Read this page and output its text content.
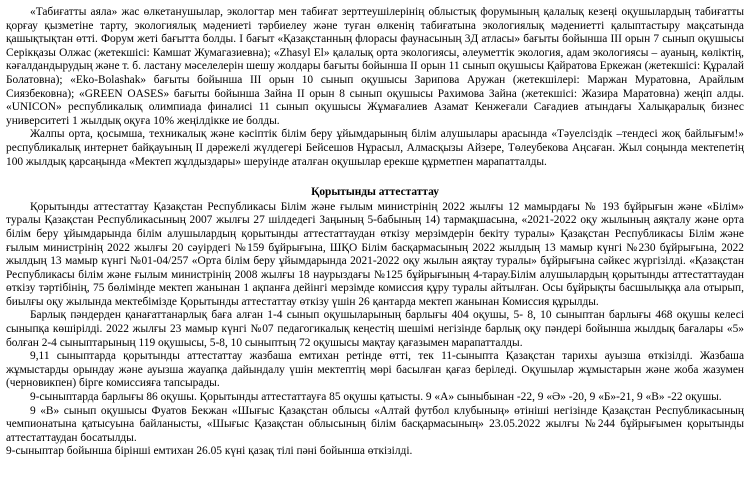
«Табиғатты аяла» жас өлкетанушылар, экологтар мен табиғат зерттеушілерінің облыстық форумының қалалық кезеңі оқушылардың табиғатты қорғау қызметіне тарту, экологиялық мәдениеті тәрбиелеу және туған өлкенің табиғатына экологиялық мәдениетті қалыптастыру мақсатында қашықтықтан өтті. Форум жеті бағытта болды. I бағыт «Қазақстанның флорасы фаунасының 3Д атласы» бағыты бойынша III орын 7 сынып оқушысы Серікқазы Олжас (жетекшісі: Камшат Жумагазиевна); «Zhasyl El» қалалық орта экологиясы, әлеуметтік экология, адам экологиясы – ауаның, көліктің, кәғалдандырудың және т. б. ластану мәселелерін шешу жолдары бағыты бойынша II орын 11 сынып оқушысы Қайратова Еркежан (жетекшісі: Құралай Болатовна); «Eko-Bolashak» бағыты бойынша III орын 10 сынып оқушысы Зарипова Аружан (жетекшілері: Маржан Муратовна, Арайлым Сиязбековна); «GREEN OASES» бағыты бойынша Зайна II орын 8 сынып оқушысы Рахимова Зайна (жетекшісі: Жазира Маратовна) жеңіп алды. «UNICON» республикалық олимпиада финалисі 11 сынып оқушысы Жұмағалиев Азамат Кенжеғали Сағадиев атындағы Халықаралық бизнес университеті 1 жылдық оқуға 10% жеңілдікке ие болды.

Жалпы орта, қосымша, техникалық және кәсіптік білім беру ұйымдарының білім алушылары арасында «Тәуелсіздік –тендесі жоқ байлығым!» республикалық интернет байқауының II дәрежелі жүлдегері Бейсешов Нұрасыл, Алмасқызы Айзере, Төлеубекова Аңсаған. Жыл соңында мектепетің 100 жылдық қарсаңында «Мектеп жұлдыздары» шеруінде аталған оқушылар ерекше құрметпен марапатталды.

Қорытынды аттестаттау

Қорытынды аттестаттау Қазақстан Республикасы Білім және ғылым министрінің 2022 жылғы 12 мамырдағы № 193 бұйрығын және «Білім» туралы Қазақстан Республикасының 2007 жылғы 27 шілдедегі Заңының 5-бабының 14) тармақшасына, «2021-2022 оқу жылының аяқталу және орта білім беру ұйымдарында білім алушылардың қорытынды аттестаттаудан өткізу мерзімдерін бекіту туралы» Қазақстан Республикасы Білім және ғылым министрінің 2022 жылғы 20 сәуірдегі №159 бұйрығына, ШҚО Білім басқармасының 2022 жылдың 13 мамыр күнгі №230 бұйрығына, 2022 жылдың 13 мамыр күнгі №01-04/257 «Орта білім беру ұйымдарында 2021-2022 оқу жылын аяқтау туралы» бұйрығына сәйкес жүргізілді. «Қазақстан Республикасы білім және ғылым министрінің 2008 жылғы 18 наурыздағы №125 бұйрығының 4-тарау.Білім алушылардың қорытынды аттестаттаудан өткізу тәртібінің, 75 бөлімінде мектеп жанынан 1 ақпанға дейінгі мерзімде комиссия құру туралы айтылған. Осы бұйрықты басшылыққа ала отырып, биылғы оқу жылында мектебімізде Қорытынды аттестаттау өткізу үшін 26 қантарда мектеп жанынан Комиссия құрылды.

Барлық пәндерден қанағаттанарлық баға алған 1-4 сынып оқушыларының барлығы 404 оқушы, 5- 8, 10 сыныптан барлығы 468 оқушы келесі сыныпқа көшірілді. 2022 жылғы 23 мамыр күнгі №07 педагогикалық кеңестің шешімі негізінде барлық оқу пәндері бойынша жылдық бағалары «5» болған 2-4 сыныптарының 119 оқушысы, 5-8, 10 сыныптың 72 оқушысы мақтау қағазымен марапатталды.

9,11 сыныптарда қорытынды аттестаттау жазбаша емтихан ретінде өтті, тек 11-сыныпта Қазақстан тарихы ауызша өткізілді. Жазбаша жұмыстарды орындау және ауызша жауапқа дайындалу үшін мектептің мөрі басылған қағаз беріледі. Оқушылар жұмыстарын және жоба жазумен (черновикпен) бірге комиссияға тапсырады.

9-сыныптарда барлығы 86 оқушы. Қорытынды аттестаттауға 85 оқушы қатысты. 9 «А» сыныбынан -22, 9 «Ә» -20, 9 «Б»-21, 9 «В» -22 оқушы.

9 «В» сынып оқушысы Фуатов Бекжан «Шығыс Қазақстан облысы «Алтай футбол клубының» өтініші негізінде Қазақстан Республикасының чемпионатына қатысуына байланысты, «Шығыс Қазақстан облысының білім басқармасының» 23.05.2022 жылғы №244 бұйрығымен қорытынды аттестаттаудан босатылды.

9-сыныптар бойынша бірінші емтихан 26.05 күні қазақ тілі пәні бойынша өткізілді.
